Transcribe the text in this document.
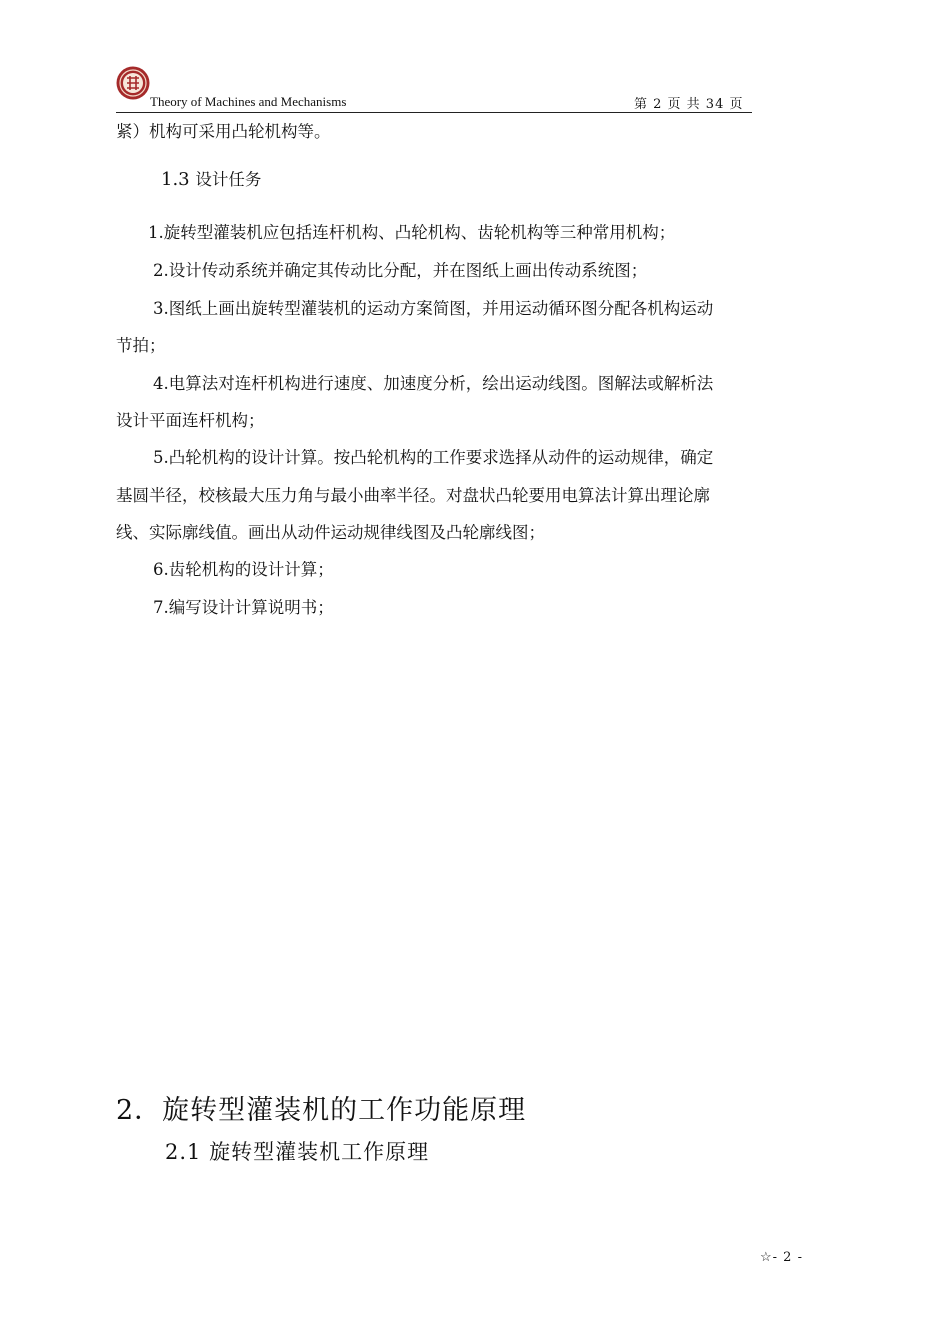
Theory of Machines and Mechanisms	第 2 页 共 34 页
紧）机构可采用凸轮机构等。
1.3 设计任务
1.旋转型灌装机应包括连杆机构、凸轮机构、齿轮机构等三种常用机构；
2.设计传动系统并确定其传动比分配，并在图纸上画出传动系统图；
3.图纸上画出旋转型灌装机的运动方案简图，并用运动循环图分配各机构运动
节拍；
4.电算法对连杆机构进行速度、加速度分析，绘出运动线图。图解法或解析法
设计平面连杆机构；
5.凸轮机构的设计计算。按凸轮机构的工作要求选择从动件的运动规律，确定
基圆半径，校核最大压力角与最小曲率半径。对盘状凸轮要用电算法计算出理论廓
线、实际廓线值。画出从动件运动规律线图及凸轮廓线图；
6.齿轮机构的设计计算；
7.编写设计计算说明书；
2．旋转型灌装机的工作功能原理
2.1 旋转型灌装机工作原理
☆- 2 -
